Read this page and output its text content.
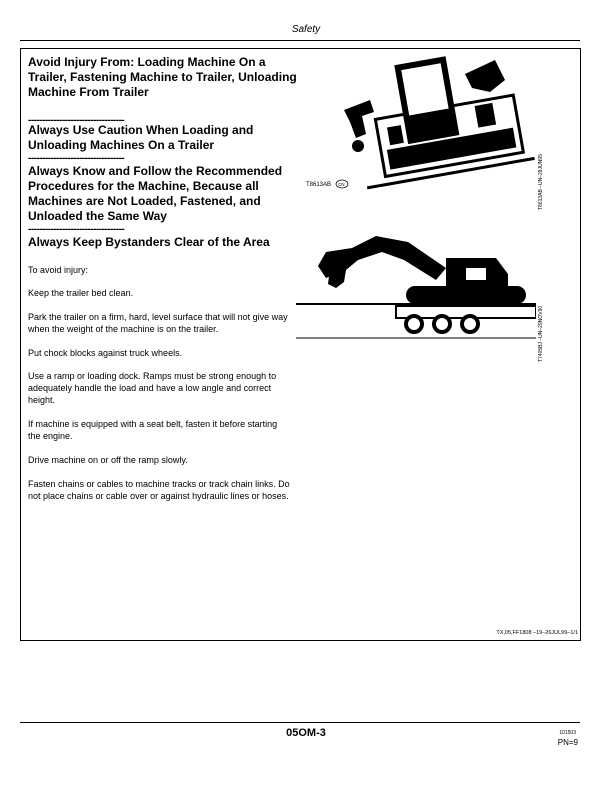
Safety
Avoid Injury From: Loading Machine On a Trailer, Fastening Machine to Trailer, Unloading Machine From Trailer
----------------------------------
Always Use Caution When Loading and Unloading Machines On a Trailer
----------------------------------
Always Know and Follow the Recommended Procedures for the Machine, Because all Machines are Not Loaded, Fastened, and Unloaded the Same Way
----------------------------------
Always Keep Bystanders Clear of the Area
To avoid injury:
Keep the trailer bed clean.
Park the trailer on a firm, hard, level surface that will not give way when the weight of the machine is on the trailer.
Put chock blocks against truck wheels.
Use a ramp or loading dock. Ramps must be strong enough to adequately handle the load and have a low angle and correct height.
If machine is equipped with a seat belt, fasten it before starting the engine.
Drive machine on or off the ramp slowly.
Fasten chains or cables to machine tracks or track chain links. Do not place chains or cable over or against hydraulic lines or hoses.
T8613AB CN	T8613AB –UN–28JUN95
T7405BJ –UN–29NOV90
TX,05,FF1808 –19–26JUL99–1/1
05OM-3	101503
PN=9
